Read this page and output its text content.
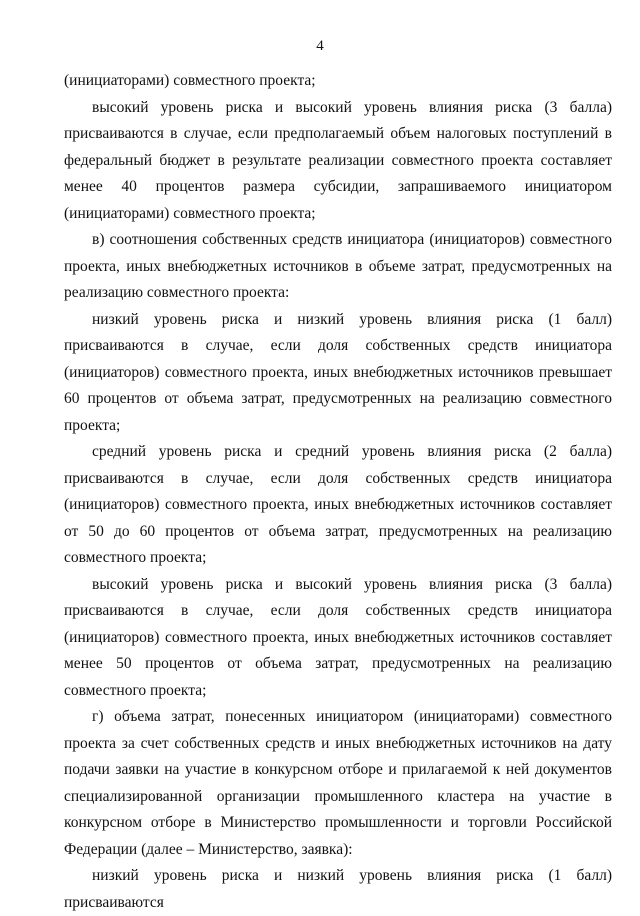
4

(инициаторами) совместного проекта;

высокий уровень риска и высокий уровень влияния риска (3 балла) присваиваются в случае, если предполагаемый объем налоговых поступлений в федеральный бюджет в результате реализации совместного проекта составляет менее 40 процентов размера субсидии, запрашиваемого инициатором (инициаторами) совместного проекта;

в) соотношения собственных средств инициатора (инициаторов) совместного проекта, иных внебюджетных источников в объеме затрат, предусмотренных на реализацию совместного проекта:

низкий уровень риска и низкий уровень влияния риска (1 балл) присваиваются в случае, если доля собственных средств инициатора (инициаторов) совместного проекта, иных внебюджетных источников превышает 60 процентов от объема затрат, предусмотренных на реализацию совместного проекта;

средний уровень риска и средний уровень влияния риска (2 балла) присваиваются в случае, если доля собственных средств инициатора (инициаторов) совместного проекта, иных внебюджетных источников составляет от 50 до 60 процентов от объема затрат, предусмотренных на реализацию совместного проекта;

высокий уровень риска и высокий уровень влияния риска (3 балла) присваиваются в случае, если доля собственных средств инициатора (инициаторов) совместного проекта, иных внебюджетных источников составляет менее 50 процентов от объема затрат, предусмотренных на реализацию совместного проекта;

г) объема затрат, понесенных инициатором (инициаторами) совместного проекта за счет собственных средств и иных внебюджетных источников на дату подачи заявки на участие в конкурсном отборе и прилагаемой к ней документов специализированной организации промышленного кластера на участие в конкурсном отборе в Министерство промышленности и торговли Российской Федерации (далее – Министерство, заявка):

низкий уровень риска и низкий уровень влияния риска (1 балл) присваиваются
